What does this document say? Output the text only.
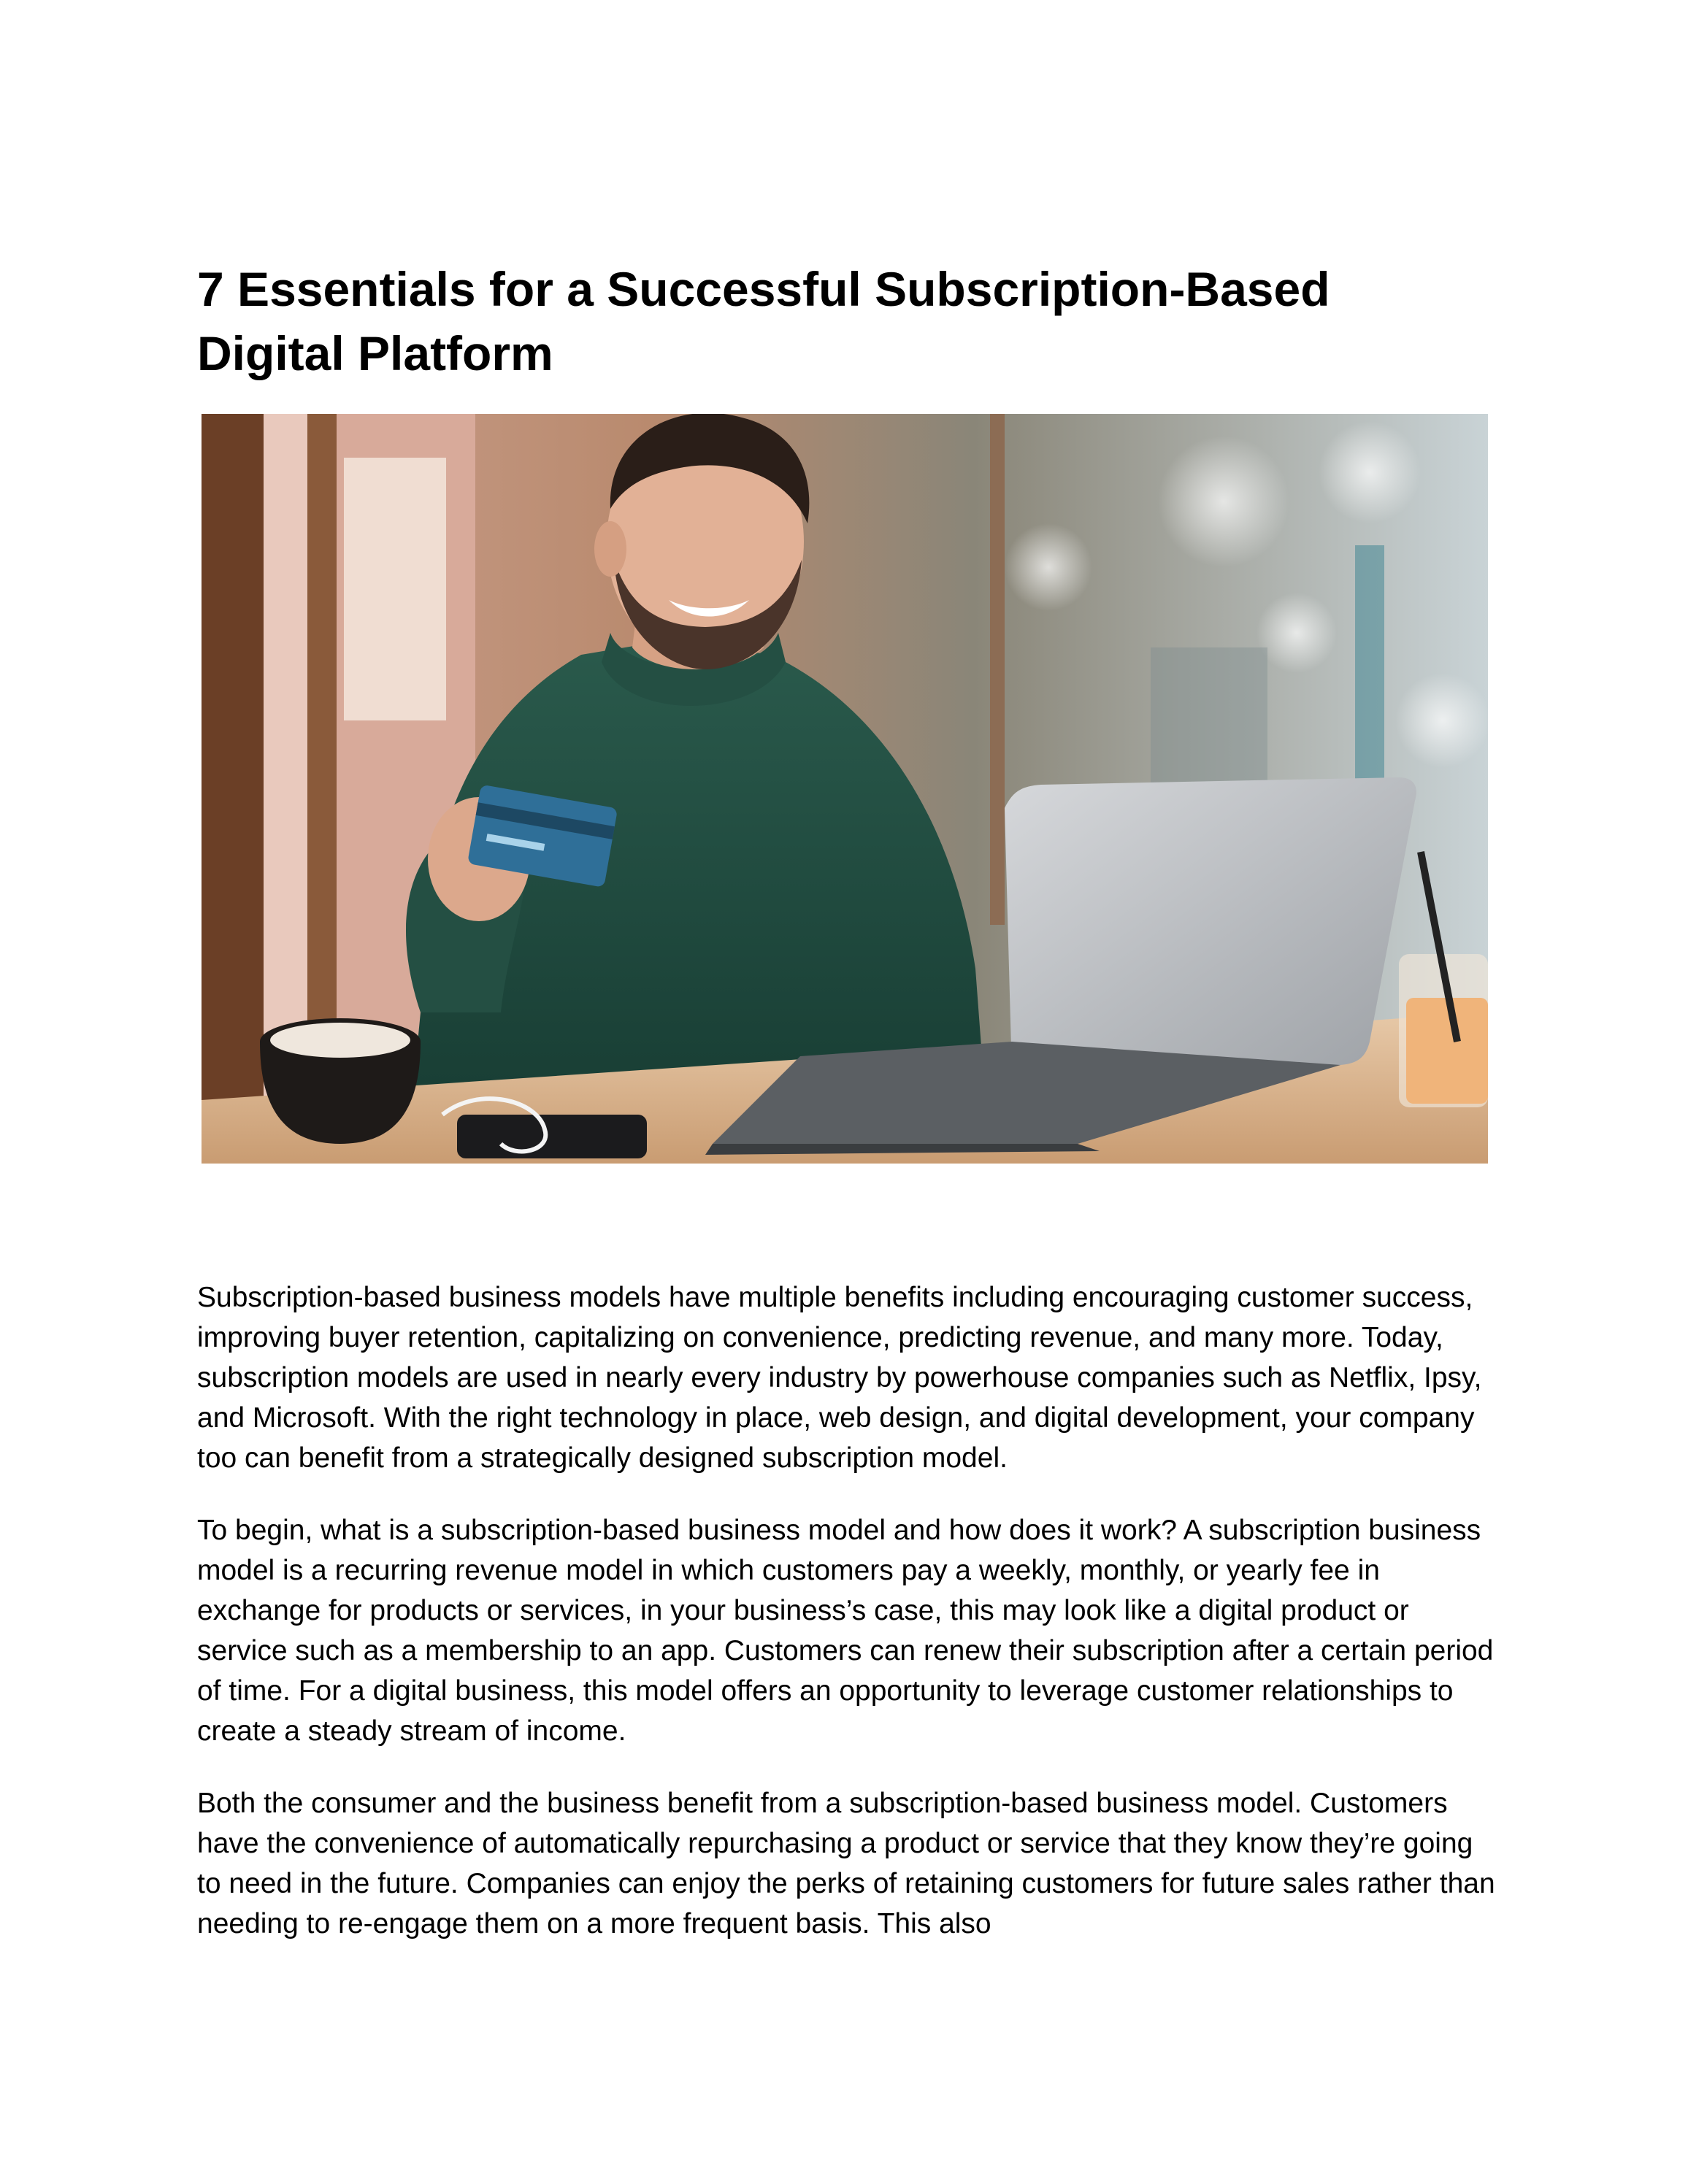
7 Essentials for a Successful Subscription-Based
Digital Platform

Subscription-based business models have multiple benefits including encouraging customer success, improving buyer retention, capitalizing on convenience, predicting revenue, and many more. Today, subscription models are used in nearly every industry by powerhouse companies such as Netflix, Ipsy, and Microsoft. With the right technology in place, web design, and digital development, your company too can benefit from a strategically designed subscription model.

To begin, what is a subscription-based business model and how does it work? A subscription business model is a recurring revenue model in which customers pay a weekly, monthly, or yearly fee in exchange for products or services, in your business’s case, this may look like a digital product or service such as a membership to an app. Customers can renew their subscription after a certain period of time. For a digital business, this model offers an opportunity to leverage customer relationships to create a steady stream of income.

Both the consumer and the business benefit from a subscription-based business model. Customers have the convenience of automatically repurchasing a product or service that they know they’re going to need in the future. Companies can enjoy the perks of retaining customers for future sales rather than needing to re-engage them on a more frequent basis. This also
